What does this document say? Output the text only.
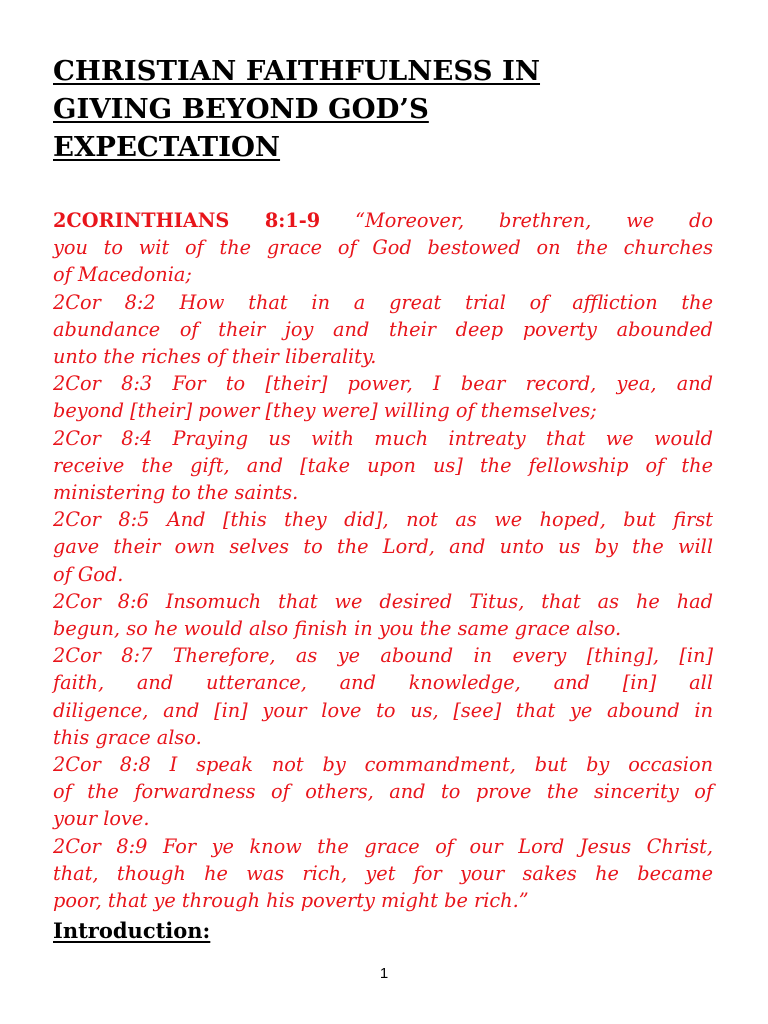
CHRISTIAN FAITHFULNESS IN
GIVING BEYOND GOD’S
EXPECTATION
2CORINTHIANS 8:1-9 “Moreover, brethren, we do
you to wit of the grace of God bestowed on the churches
of Macedonia;
2Cor 8:2 How that in a great trial of affliction the
abundance of their joy and their deep poverty abounded
unto the riches of their liberality.
2Cor 8:3 For to [their] power, I bear record, yea, and
beyond [their] power [they were] willing of themselves;
2Cor 8:4 Praying us with much intreaty that we would
receive the gift, and [take upon us] the fellowship of the
ministering to the saints.
2Cor 8:5 And [this they did], not as we hoped, but first
gave their own selves to the Lord, and unto us by the will
of God.
2Cor 8:6 Insomuch that we desired Titus, that as he had
begun, so he would also finish in you the same grace also.
2Cor 8:7 Therefore, as ye abound in every [thing], [in]
faith, and utterance, and knowledge, and [in] all
diligence, and [in] your love to us, [see] that ye abound in
this grace also.
2Cor 8:8 I speak not by commandment, but by occasion
of the forwardness of others, and to prove the sincerity of
your love.
2Cor 8:9 For ye know the grace of our Lord Jesus Christ,
that, though he was rich, yet for your sakes he became
poor, that ye through his poverty might be rich.”
Introduction:
1
